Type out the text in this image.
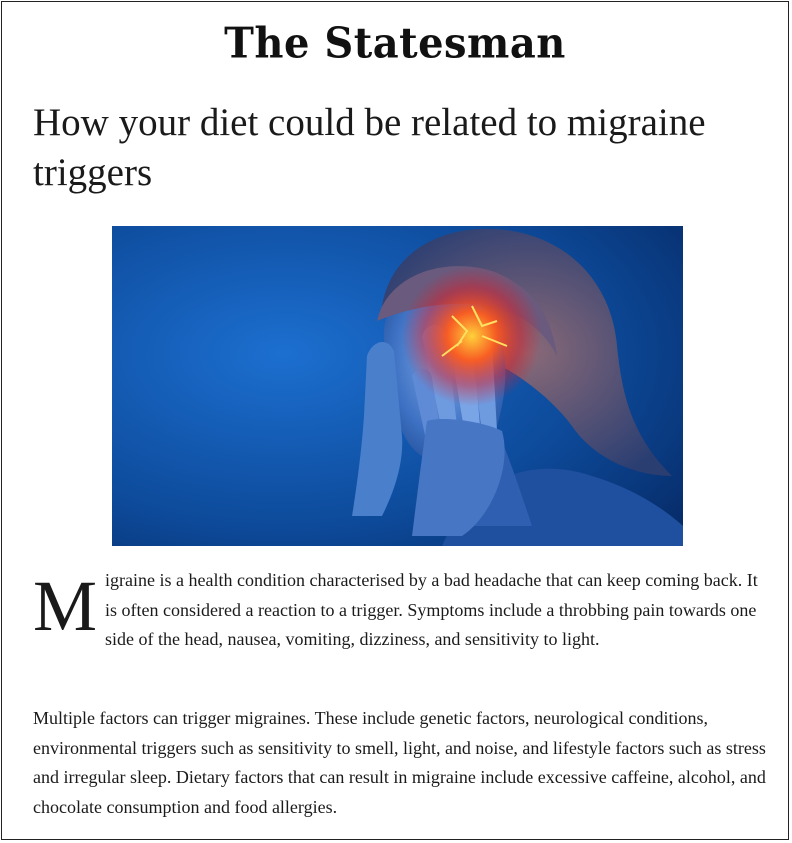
The Statesman
How your diet could be related to migraine triggers

Migraine is a health condition characterised by a bad headache that can keep coming back. It is often considered a reaction to a trigger. Symptoms include a throbbing pain towards one side of the head, nausea, vomiting, dizziness, and sensitivity to light.

Multiple factors can trigger migraines. These include genetic factors, neurological conditions, environmental triggers such as sensitivity to smell, light, and noise, and lifestyle factors such as stress and irregular sleep. Dietary factors that can result in migraine include excessive caffeine, alcohol, and chocolate consumption and food allergies.
